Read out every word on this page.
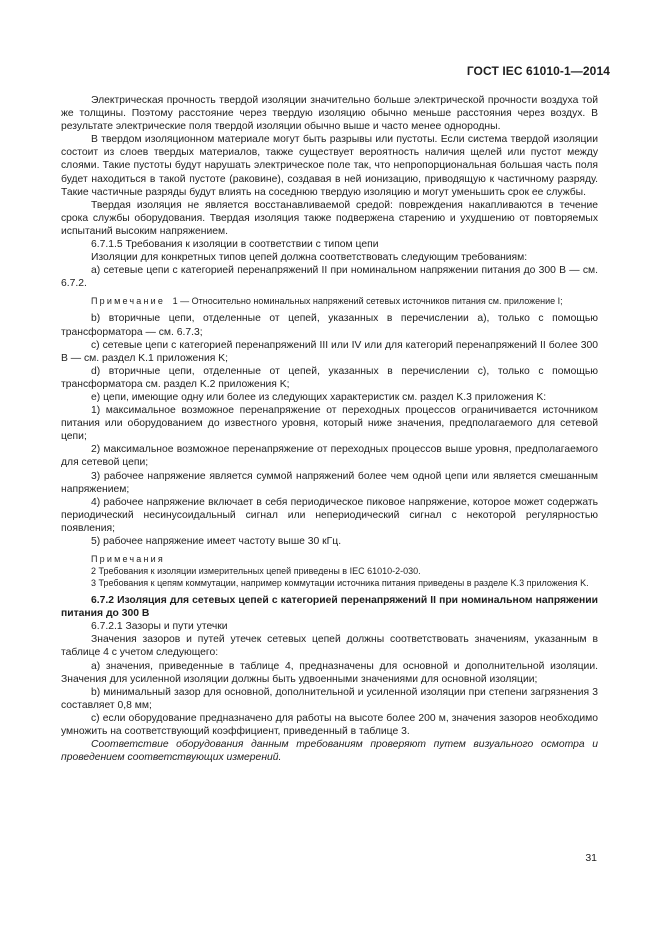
ГОСТ IEC 61010-1—2014

Электрическая прочность твердой изоляции значительно больше электрической прочности воздуха той же толщины. Поэтому расстояние через твердую изоляцию обычно меньше расстояния через воздух. В результате электрические поля твердой изоляции обычно выше и часто менее однородны.

В твердом изоляционном материале могут быть разрывы или пустоты. Если система твердой изоляции состоит из слоев твердых материалов, также существует вероятность наличия щелей или пустот между слоями. Такие пустоты будут нарушать электрическое поле так, что непропорциональная большая часть поля будет находиться в такой пустоте (раковине), создавая в ней ионизацию, приводящую к частичному разряду. Такие частичные разряды будут влиять на соседнюю твердую изоляцию и могут уменьшить срок ее службы.

Твердая изоляция не является восстанавливаемой средой: повреждения накапливаются в течение срока службы оборудования. Твердая изоляция также подвержена старению и ухудшению от повторяемых испытаний высоким напряжением.

6.7.1.5 Требования к изоляции в соответствии с типом цепи

Изоляции для конкретных типов цепей должна соответствовать следующим требованиям:

a) сетевые цепи с категорией перенапряжений II при номинальном напряжении питания до 300 В — см. 6.7.2.

Примечание 1 — Относительно номинальных напряжений сетевых источников питания см. приложение I;

b) вторичные цепи, отделенные от цепей, указанных в перечислении a), только с помощью трансформатора — см. 6.7.3;

c) сетевые цепи с категорией перенапряжений III или IV или для категорий перенапряжений II более 300 В — см. раздел K.1 приложения K;

d) вторичные цепи, отделенные от цепей, указанных в перечислении c), только с помощью трансформатора см. раздел K.2 приложения K;

e) цепи, имеющие одну или более из следующих характеристик см. раздел K.3 приложения K:

1) максимальное возможное перенапряжение от переходных процессов ограничивается источником питания или оборудованием до известного уровня, который ниже значения, предполагаемого для сетевой цепи;

2) максимальное возможное перенапряжение от переходных процессов выше уровня, предполагаемого для сетевой цепи;

3) рабочее напряжение является суммой напряжений более чем одной цепи или является смешанным напряжением;

4) рабочее напряжение включает в себя периодическое пиковое напряжение, которое может содержать периодический несинусоидальный сигнал или непериодический сигнал с некоторой регулярностью появления;

5) рабочее напряжение имеет частоту выше 30 кГц.

Примечания

2 Требования к изоляции измерительных цепей приведены в IEC 61010-2-030.

3 Требования к цепям коммутации, например коммутации источника питания приведены в разделе K.3 приложения K.

6.7.2 Изоляция для сетевых цепей с категорией перенапряжений II при номинальном напряжении питания до 300 В

6.7.2.1 Зазоры и пути утечки

Значения зазоров и путей утечек сетевых цепей должны соответствовать значениям, указанным в таблице 4 с учетом следующего:

a) значения, приведенные в таблице 4, предназначены для основной и дополнительной изоляции. Значения для усиленной изоляции должны быть удвоенными значениями для основной изоляции;

b) минимальный зазор для основной, дополнительной и усиленной изоляции при степени загрязнения 3 составляет 0,8 мм;

c) если оборудование предназначено для работы на высоте более 200 м, значения зазоров необходимо умножить на соответствующий коэффициент, приведенный в таблице 3.

Соответствие оборудования данным требованиям проверяют путем визуального осмотра и проведением соответствующих измерений.

31
